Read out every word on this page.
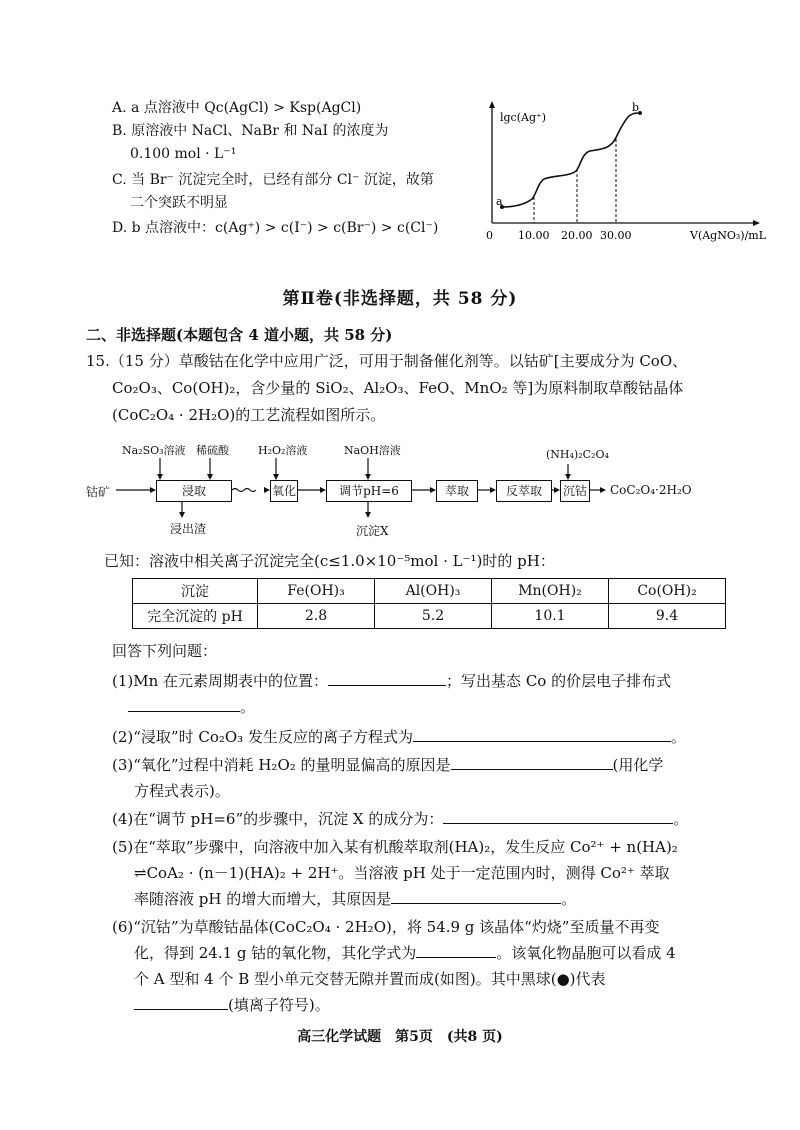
A. a 点溶液中 Qc(AgCl) > Ksp(AgCl)
B. 原溶液中 NaCl、NaBr 和 NaI 的浓度为
0.100 mol · L⁻¹
C. 当 Br⁻ 沉淀完全时，已经有部分 Cl⁻ 沉淀，故第
二个突跃不明显
D. b 点溶液中：c(Ag⁺) > c(I⁻) > c(Br⁻) > c(Cl⁻)
lgc(Ag⁺)
a
b
0 10.00 20.00 30.00	V(AgNO₃)/mL
第Ⅱ卷(非选择题，共 58 分)
二、非选择题(本题包含 4 道小题，共 58 分)
15.（15 分）草酸钴在化学中应用广泛，可用于制备催化剂等。以钴矿[主要成分为 CoO、
Co₂O₃、Co(OH)₂，含少量的 SiO₂、Al₂O₃、FeO、MnO₂ 等]为原料制取草酸钴晶体
(CoC₂O₄ · 2H₂O)的工艺流程如图所示。
Na₂SO₃溶液 稀硫酸	H₂O₂溶液	NaOH溶液	(NH₄)₂C₂O₄
钴矿	浸取	氧化	调节pH=6	萃取	反萃取	沉钴 CoC₂O₄·2H₂O
浸出渣	沉淀X
已知：溶液中相关离子沉淀完全(c≤1.0×10⁻⁵mol · L⁻¹)时的 pH：
沉淀	Fe(OH)₃	Al(OH)₃	Mn(OH)₂	Co(OH)₂
完全沉淀的 pH	2.8	5.2	10.1	9.4
回答下列问题：
(1)Mn 在元素周期表中的位置：	；写出基态 Co 的价层电子排布式
。
(2)“浸取”时 Co₂O₃ 发生反应的离子方程式为	。
(3)“氧化”过程中消耗 H₂O₂ 的量明显偏高的原因是	(用化学
方程式表示)。
(4)在“调节 pH=6”的步骤中，沉淀 X 的成分为：	。
(5)在“萃取”步骤中，向溶液中加入某有机酸萃取剂(HA)₂，发生反应 Co²⁺ + n(HA)₂
⇌CoA₂ · (n－1)(HA)₂ + 2H⁺。当溶液 pH 处于一定范围内时，测得 Co²⁺ 萃取
率随溶液 pH 的增大而增大，其原因是	。
(6)“沉钴”为草酸钴晶体(CoC₂O₄ · 2H₂O)，将 54.9 g 该晶体“灼烧”至质量不再变
化，得到 24.1 g 钴的氧化物，其化学式为	。该氧化物晶胞可以看成 4
个 A 型和 4 个 B 型小单元交替无隙并置而成(如图)。其中黑球(●)代表
(填离子符号)。
高三化学试题　第5页　(共8 页)
